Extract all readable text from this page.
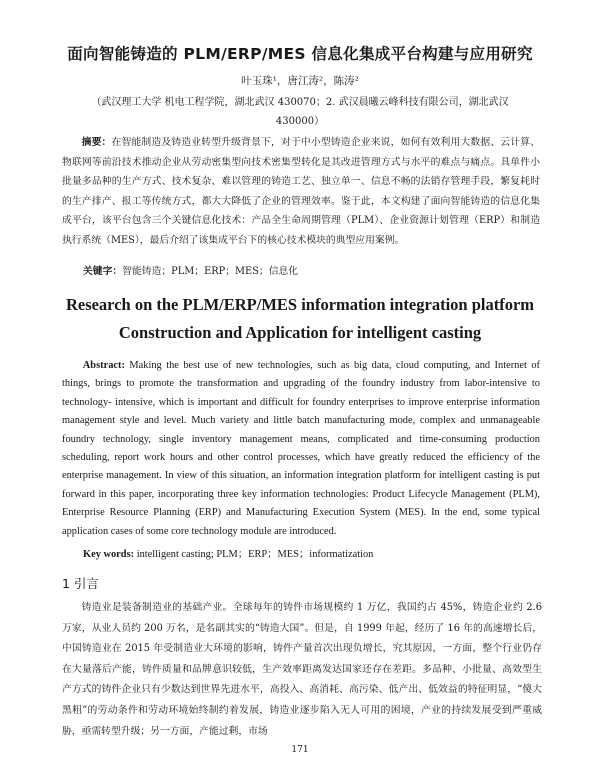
面向智能铸造的 PLM/ERP/MES 信息化集成平台构建与应用研究
叶玉珠¹，唐江涛²，陈涛²
（武汉理工大学 机电工程学院，湖北武汉 430070；2. 武汉晨曦云峰科技有限公司，湖北武汉 430000）
摘要：在智能制造及铸造业转型升级背景下，对于中小型铸造企业来说，如何有效利用大数据、云计算、物联网等前沿技术推动企业从劳动密集型向技术密集型转化是其改进管理方式与水平的难点与痛点。具单件小批量多品种的生产方式、技术复杂、难以管理的铸造工艺、独立单一、信息不畅的法销存管理手段，繁复耗时的生产排产、报工等传统方式，都大大降低了企业的管理效率。鉴于此，本文构建了面向智能铸造的信息化集成平台，该平台包含三个关键信息化技术：产品全生命周期管理（PLM）、企业资源计划管理（ERP）和制造执行系统（MES），最后介绍了该集成平台下的核心技术模块的典型应用案例。
关键字：智能铸造；PLM；ERP；MES；信息化
Research on the PLM/ERP/MES information integration platform
Construction and Application for intelligent casting
Abstract: Making the best use of new technologies, such as big data, cloud computing, and Internet of things, brings to promote the transformation and upgrading of the foundry industry from labor-intensive to technology- intensive, which is important and difficult for foundry enterprises to improve enterprise information management style and level. Much variety and little batch manufacturing mode, complex and unmanageable foundry technology, single inventory management means, complicated and time-consuming production scheduling, report work hours and other control processes, which have greatly reduced the efficiency of the enterprise management. In view of this situation, an information integration platform for intelligent casting is put forward in this paper, incorporating three key information technologies: Product Lifecycle Management (PLM), Enterprise Resource Planning (ERP) and Manufacturing Execution System (MES). In the end, some typical application cases of some core technology module are introduced.
Key words: intelligent casting; PLM；ERP；MES；informatization
1 引言
铸造业是装备制造业的基础产业。全球每年的铸件市场规模约 1 万亿，我国约占 45%，铸造企业约 2.6 万家，从业人员约 200 万名，是名副其实的“铸造大国”。但是，自 1999 年起，经历了 16 年的高速增长后，中国铸造业在 2015 年受制造业大环境的影响，铸件产量首次出现负增长，究其原因，一方面，整个行业仍存在大量落后产能，铸件质量和品牌意识较低，生产效率距离发达国家还存在差距。多品种、小批量、高效型生产方式的铸件企业只有少数达到世界先进水平，高投入、高消耗、高污染、低产出、低效益的特征明显，“傻大黑粗”的劳动条件和劳动环境始终制约着发展，铸造业逐步陷入无人可用的困境，产业的持续发展受到严重威胁，亟需转型升级；另一方面，产能过剩，市场
171
